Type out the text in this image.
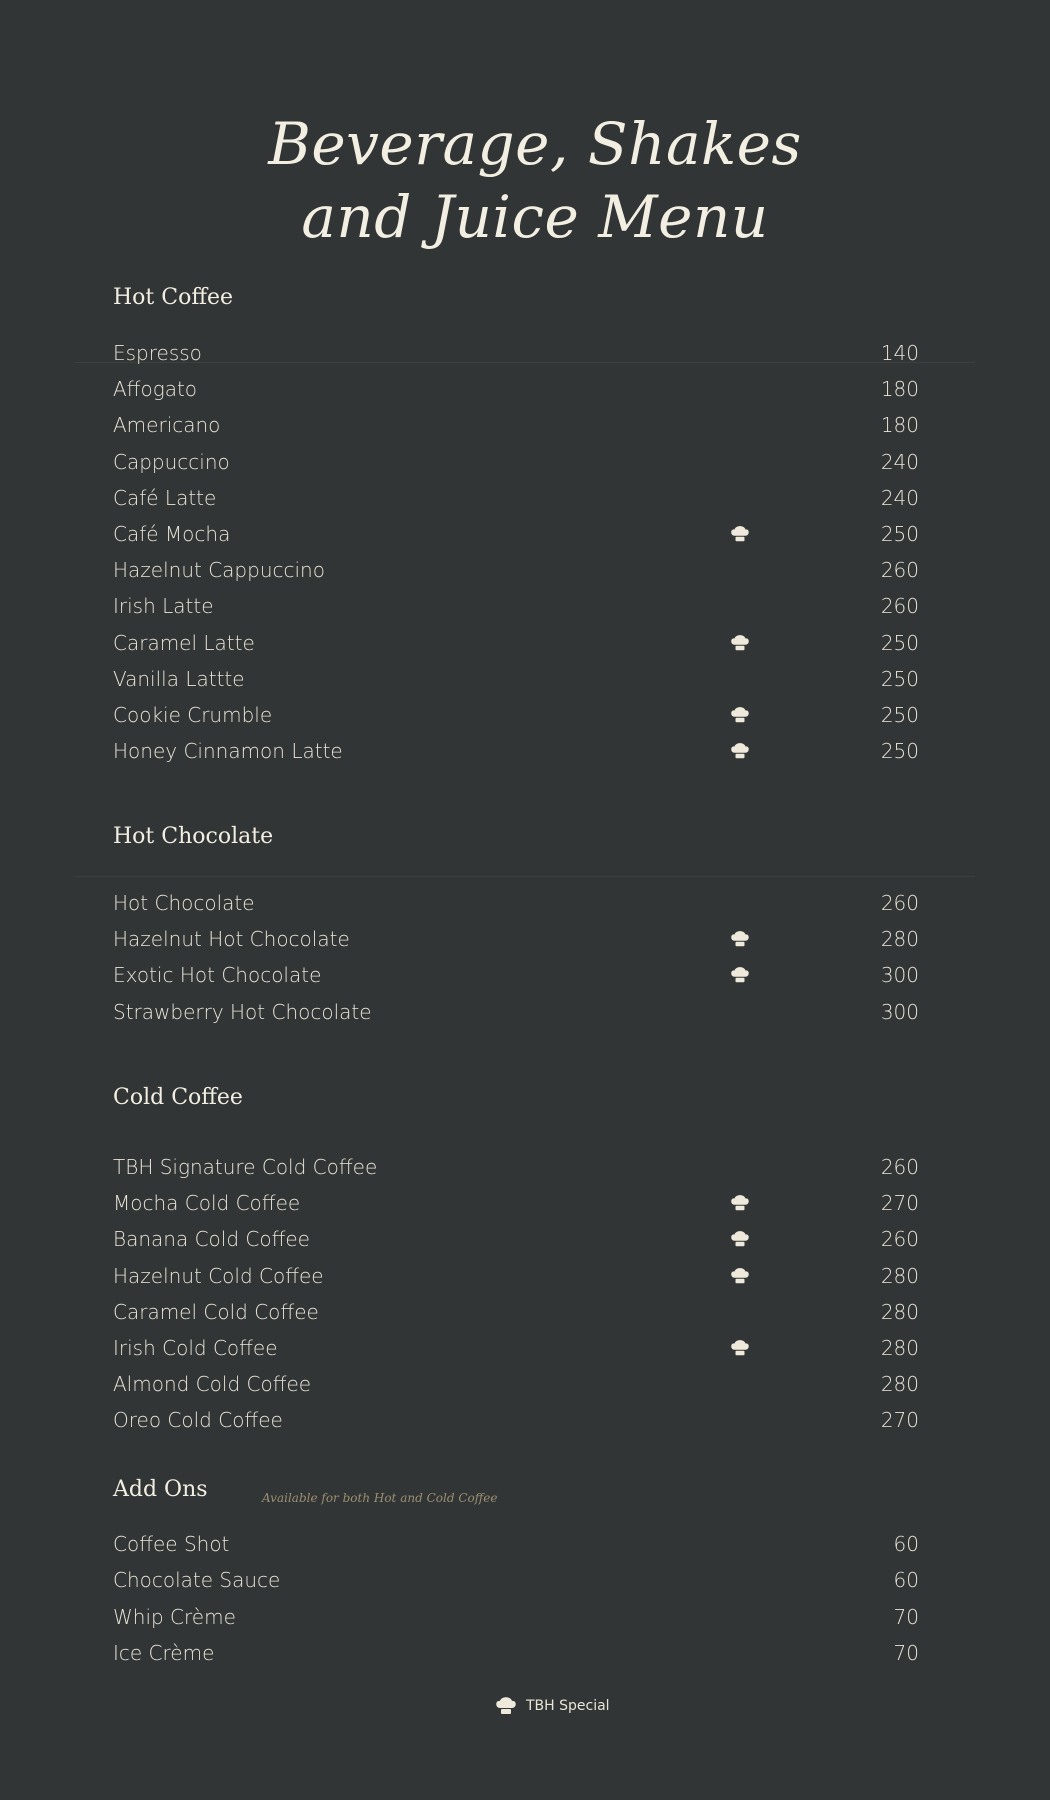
Beverage, Shakes
and Juice Menu
Hot Coffee
Espresso	140
Affogato	180
Americano	180
Cappuccino	240
Café Latte	240
Café Mocha	250
Hazelnut Cappuccino	260
Irish Latte	260
Caramel Latte	250
Vanilla Lattte	250
Cookie Crumble	250
Honey Cinnamon Latte	250
Hot Chocolate
Hot Chocolate	260
Hazelnut Hot Chocolate	280
Exotic Hot Chocolate	300
Strawberry Hot Chocolate	300
Cold Coffee
TBH Signature Cold Coffee	260
Mocha Cold Coffee	270
Banana Cold Coffee	260
Hazelnut Cold Coffee	280
Caramel Cold Coffee	280
Irish Cold Coffee	280
Almond Cold Coffee	280
Oreo Cold Coffee	270
Add Ons	Available for both Hot and Cold Coffee
Coffee Shot	60
Chocolate Sauce	60
Whip Crème	70
Ice Crème	70
TBH Special
